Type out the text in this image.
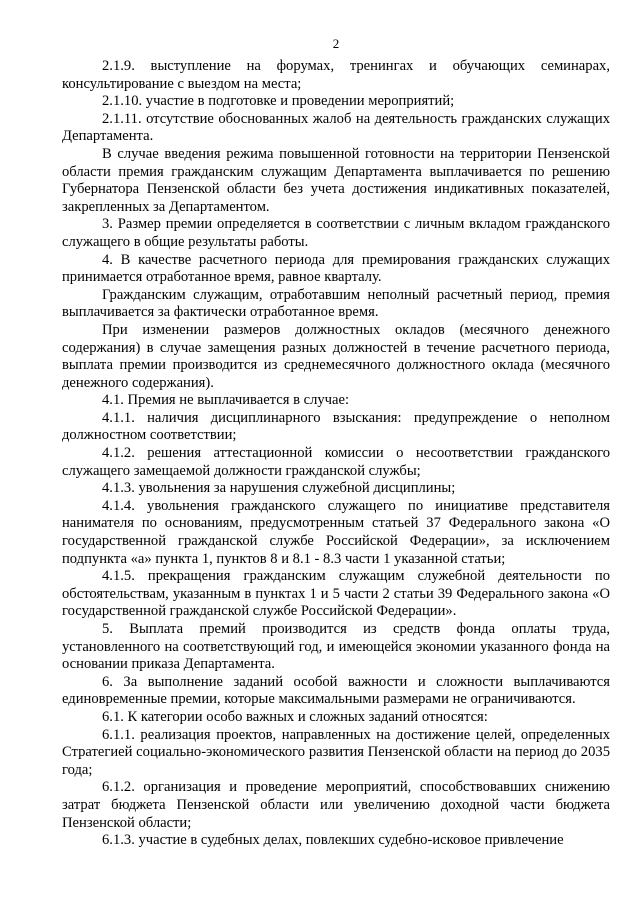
2

2.1.9. выступление на форумах, тренингах и обучающих семинарах, консультирование с выездом на места;

2.1.10. участие в подготовке и проведении мероприятий;

2.1.11. отсутствие обоснованных жалоб на деятельность гражданских служащих Департамента.

В случае введения режима повышенной готовности на территории Пензенской области премия гражданским служащим Департамента выплачивается по решению Губернатора Пензенской области без учета достижения индикативных показателей, закрепленных за Департаментом.

3. Размер премии определяется в соответствии с личным вкладом гражданского служащего в общие результаты работы.

4. В качестве расчетного периода для премирования гражданских служащих принимается отработанное время, равное кварталу.

Гражданским служащим, отработавшим неполный расчетный период, премия выплачивается за фактически отработанное время.

При изменении размеров должностных окладов (месячного денежного содержания) в случае замещения разных должностей в течение расчетного периода, выплата премии производится из среднемесячного должностного оклада (месячного денежного содержания).

4.1. Премия не выплачивается в случае:

4.1.1. наличия дисциплинарного взыскания: предупреждение о неполном должностном соответствии;

4.1.2. решения аттестационной комиссии о несоответствии гражданского служащего замещаемой должности гражданской службы;

4.1.3. увольнения за нарушения служебной дисциплины;

4.1.4. увольнения гражданского служащего по инициативе представителя нанимателя по основаниям, предусмотренным статьей 37 Федерального закона «О государственной гражданской службе Российской Федерации», за исключением подпункта «а» пункта 1, пунктов 8 и 8.1 - 8.3 части 1 указанной статьи;

4.1.5. прекращения гражданским служащим служебной деятельности по обстоятельствам, указанным в пунктах 1 и 5 части 2 статьи 39 Федерального закона «О государственной гражданской службе Российской Федерации».

5. Выплата премий производится из средств фонда оплаты труда, установленного на соответствующий год, и имеющейся экономии указанного фонда на основании приказа Департамента.

6. За выполнение заданий особой важности и сложности выплачиваются единовременные премии, которые максимальными размерами не ограничиваются.

6.1. К категории особо важных и сложных заданий относятся:

6.1.1. реализация проектов, направленных на достижение целей, определенных Стратегией социально-экономического развития Пензенской области на период до 2035 года;

6.1.2. организация и проведение мероприятий, способствовавших снижению затрат бюджета Пензенской области или увеличению доходной части бюджета Пензенской области;

6.1.3. участие в судебных делах, повлекших судебно-исковое привлечение
